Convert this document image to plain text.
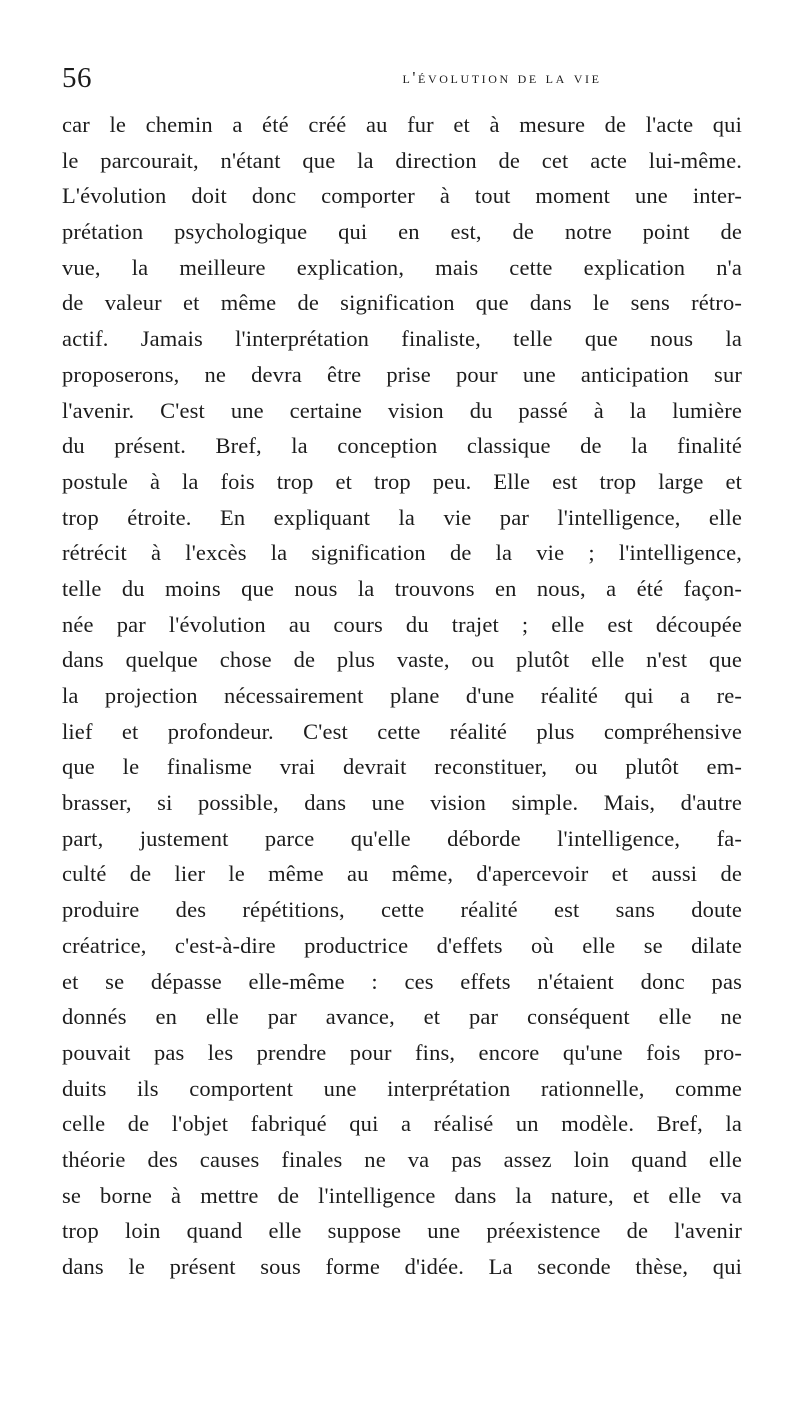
56	l'évolution de la vie
car le chemin a été créé au fur et à mesure de l'acte qui
le parcourait, n'étant que la direction de cet acte lui-même.
L'évolution doit donc comporter à tout moment une inter-
prétation psychologique qui en est, de notre point de
vue, la meilleure explication, mais cette explication n'a
de valeur et même de signification que dans le sens rétro-
actif. Jamais l'interprétation finaliste, telle que nous la
proposerons, ne devra être prise pour une anticipation sur
l'avenir. C'est une certaine vision du passé à la lumière
du présent. Bref, la conception classique de la finalité
postule à la fois trop et trop peu. Elle est trop large et
trop étroite. En expliquant la vie par l'intelligence, elle
rétrécit à l'excès la signification de la vie ; l'intelligence,
telle du moins que nous la trouvons en nous, a été façon-
née par l'évolution au cours du trajet ; elle est découpée
dans quelque chose de plus vaste, ou plutôt elle n'est que
la projection nécessairement plane d'une réalité qui a re-
lief et profondeur. C'est cette réalité plus compréhensive
que le finalisme vrai devrait reconstituer, ou plutôt em-
brasser, si possible, dans une vision simple. Mais, d'autre
part, justement parce qu'elle déborde l'intelligence, fa-
culté de lier le même au même, d'apercevoir et aussi de
produire des répétitions, cette réalité est sans doute
créatrice, c'est-à-dire productrice d'effets où elle se dilate
et se dépasse elle-même : ces effets n'étaient donc pas
donnés en elle par avance, et par conséquent elle ne
pouvait pas les prendre pour fins, encore qu'une fois pro-
duits ils comportent une interprétation rationnelle, comme
celle de l'objet fabriqué qui a réalisé un modèle. Bref, la
théorie des causes finales ne va pas assez loin quand elle
se borne à mettre de l'intelligence dans la nature, et elle va
trop loin quand elle suppose une préexistence de l'avenir
dans le présent sous forme d'idée. La seconde thèse, qui
